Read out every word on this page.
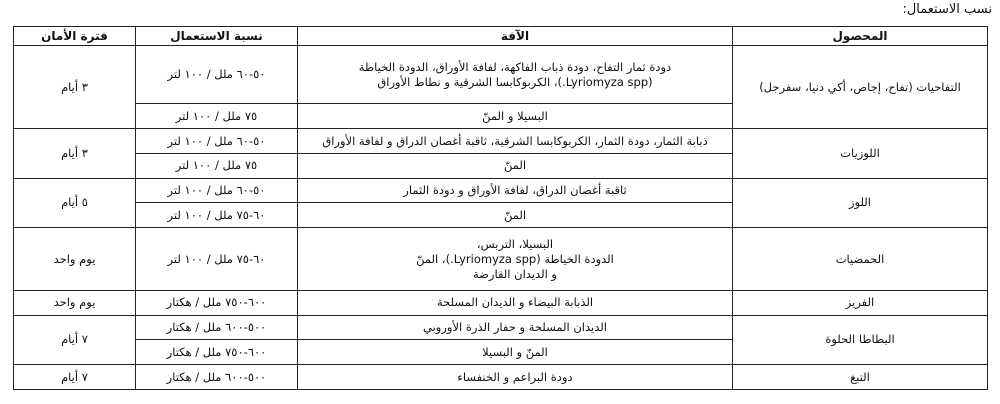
نسب الاستعمال:
المحصول	الآفة	نسبة الاستعمال	فترة الأمان
التفاحيات (تفاح، إجاص، أكي دنيا، سفرجل)	دودة ثمار التفاح، دودة ذباب الفاكهة، لفافة الأوراق، الدودة الخياطة
(Lyriomyza spp.)، الكربوكابسا الشرقية و نطاط الأوراق	٥٠-٦٠ ملل / ١٠٠ لتر	٣ أيام

	البسيلا و المنّ	٧٥ ملل / ١٠٠ لتر	
اللوزيات	ذبابة الثمار، دودة الثمار، الكربوكابسا الشرقية، ثاقبة أغصان الدراق و لفافة الأوراق	٥٠-٦٠ ملل / ١٠٠ لتر	٣ أيام

	المنّ	٧٥ ملل / ١٠٠ لتر	
اللوز	ثاقبة أغصان الدراق، لفافة الأوراق و دودة الثمار	٥٠-٦٠ ملل / ١٠٠ لتر	٥ أيام

	المنّ	٦٠-٧٥ ملل / ١٠٠ لتر	
الحمضيات	البسيلا، التربس،
الدودة الخياطة (Lyriomyza spp.)، المنّ
و الديدان القارضة	٦٠-٧٥ ملل / ١٠٠ لتر	يوم واحد
الفريز	الذبابة البيضاء و الديدان المسلحة	٦٠٠-٧٥٠ ملل / هكتار	يوم واحد
البطاطا الحلوة	الديدان المسلحة و حفار الذرة الأوروبي	٥٠٠-٦٠٠ ملل / هكتار	٧ أيام

	المنّ و البسيلا	٦٠٠-٧٥٠ ملل / هكتار	
التبغ	دودة البراعم و الخنفساء	٥٠٠-٦٠٠ ملل / هكتار	٧ أيام
